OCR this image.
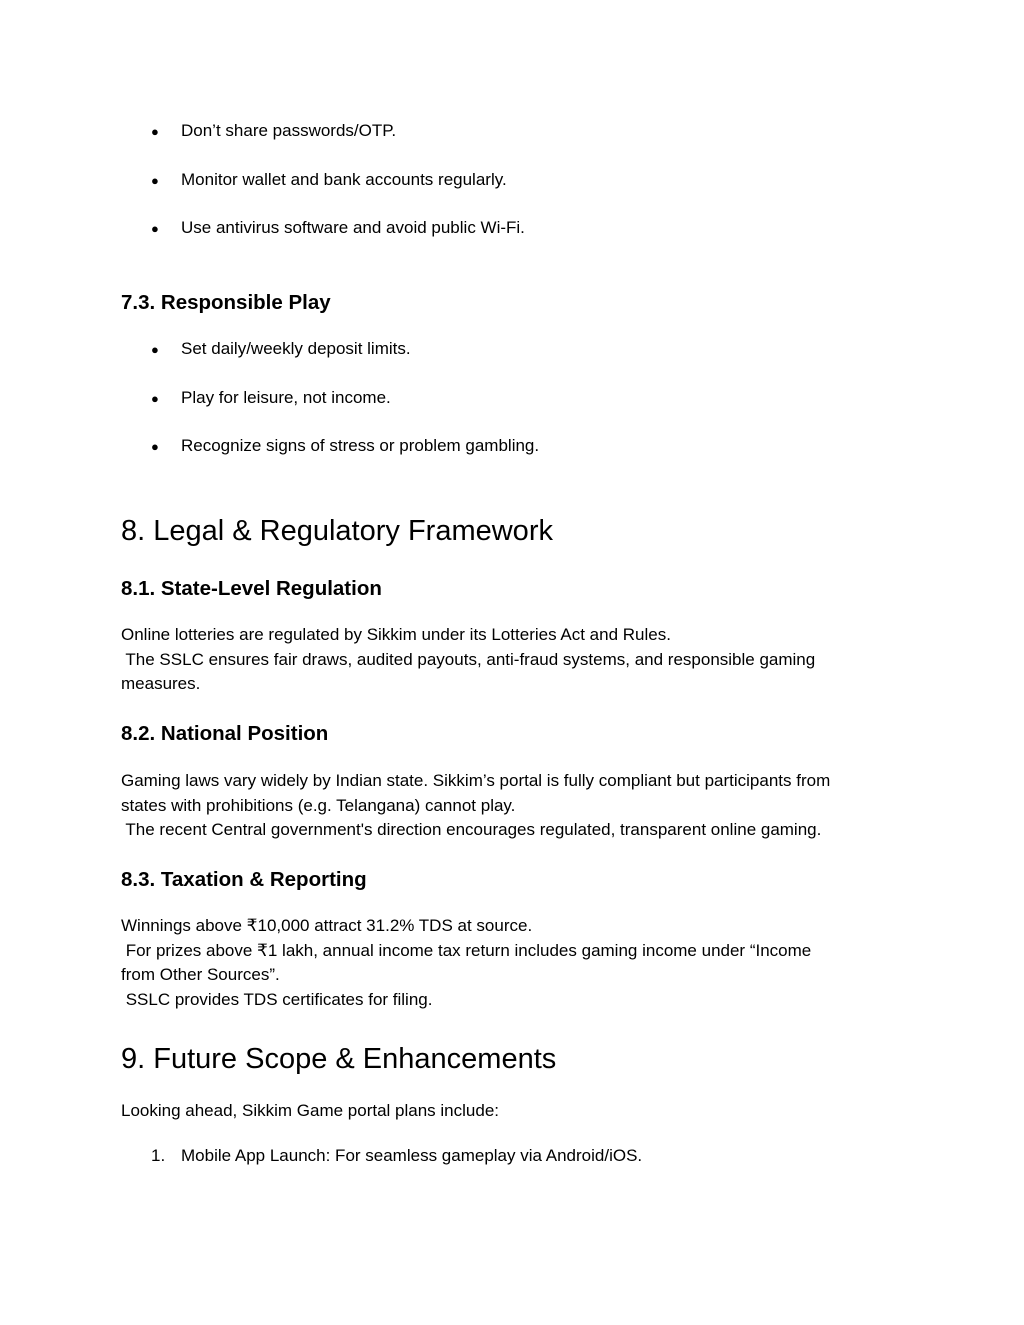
● Don’t share passwords/OTP.
● Monitor wallet and bank accounts regularly.
● Use antivirus software and avoid public Wi-Fi.
7.3. Responsible Play
● Set daily/weekly deposit limits.
● Play for leisure, not income.
● Recognize signs of stress or problem gambling.
8. Legal & Regulatory Framework
8.1. State-Level Regulation
Online lotteries are regulated by Sikkim under its Lotteries Act and Rules.
The SSLC ensures fair draws, audited payouts, anti-fraud systems, and responsible gaming
measures.
8.2. National Position
Gaming laws vary widely by Indian state. Sikkim’s portal is fully compliant but participants from
states with prohibitions (e.g. Telangana) cannot play.
The recent Central government's direction encourages regulated, transparent online gaming.
8.3. Taxation & Reporting
Winnings above ₹10,000 attract 31.2% TDS at source.
For prizes above ₹1 lakh, annual income tax return includes gaming income under “Income
from Other Sources”.
SSLC provides TDS certificates for filing.
9. Future Scope & Enhancements

Looking ahead, Sikkim Game portal plans include:

1. Mobile App Launch: For seamless gameplay via Android/iOS.
